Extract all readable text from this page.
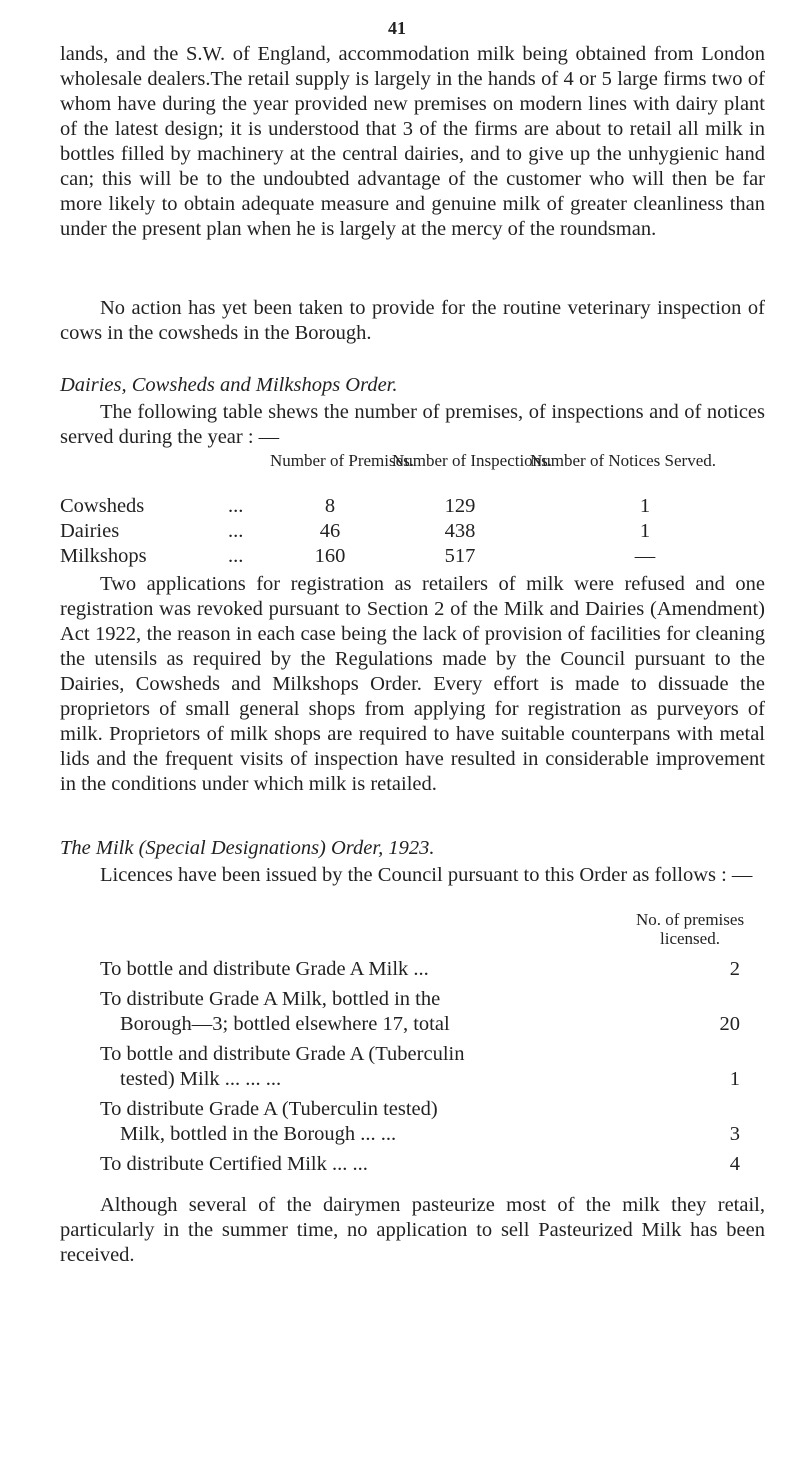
41

lands, and the S.W. of England, accommodation milk being obtained from London wholesale dealers.The retail supply is largely in the hands of 4 or 5 large firms two of whom have during the year provided new premises on modern lines with dairy plant of the latest design; it is understood that 3 of the firms are about to retail all milk in bottles filled by machinery at the central dairies, and to give up the unhygienic hand can; this will be to the undoubted advantage of the customer who will then be far more likely to obtain adequate measure and genuine milk of greater cleanliness than under the present plan when he is largely at the mercy of the roundsman.

No action has yet been taken to provide for the routine veterinary inspection of cows in the cowsheds in the Borough.

Dairies, Cowsheds and Milkshops Order.

The following table shews the number of premises, of inspections and of notices served during the year : —

Number of Premises.
Number of Inspections.
Number of Notices Served.
Cowsheds	...	8	129	1
Dairies	...	46	438	1
Milkshops	...	160	517	—

Two applications for registration as retailers of milk were refused and one registration was revoked pursuant to Section 2 of the Milk and Dairies (Amendment) Act 1922, the reason in each case being the lack of provision of facilities for cleaning the utensils as required by the Regulations made by the Council pursuant to the Dairies, Cowsheds and Milkshops Order. Every effort is made to dissuade the proprietors of small general shops from applying for registration as purveyors of milk. Proprietors of milk shops are required to have suitable counterpans with metal lids and the frequent visits of inspection have resulted in considerable improvement in the conditions under which milk is retailed.

The Milk (Special Designations) Order, 1923.

Licences have been issued by the Council pursuant to this Order as follows : —

No. of premises licensed.
To bottle and distribute Grade A Milk ...	2
To distribute Grade A Milk, bottled in the
Borough—3; bottled elsewhere 17, total	20
To bottle and distribute Grade A (Tuberculin
tested) Milk ... ... ...	1
To distribute Grade A (Tuberculin tested)
Milk, bottled in the Borough ... ...	3
To distribute Certified Milk ... ...	4

Although several of the dairymen pasteurize most of the milk they retail, particularly in the summer time, no application to sell Pasteurized Milk has been received.
